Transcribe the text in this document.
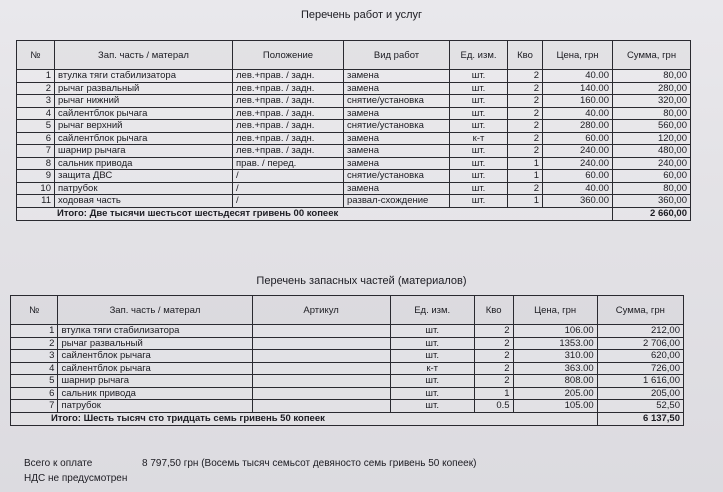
Перечень работ и услуг
№	Зап. часть / матерал	Положение	Вид работ	Ед. изм.	Кво	Цена, грн	Сумма, грн
1	втулка тяги стабилизатора	лев.+прав. / задн.	замена	шт.	2	40.00	80,00
2	рычаг развальный	лев.+прав. / задн.	замена	шт.	2	140.00	280,00
3	рычаг нижний	лев.+прав. / задн.	снятие/установка	шт.	2	160.00	320,00
4	сайлентблок рычага	лев.+прав. / задн.	замена	шт.	2	40.00	80,00
5	рычаг верхний	лев.+прав. / задн.	снятие/установка	шт.	2	280.00	560,00
6	сайлентблок рычага	лев.+прав. / задн.	замена	к-т	2	60.00	120,00
7	шарнир рычага	лев.+прав. / задн.	замена	шт.	2	240.00	480,00
8	сальник привода	прав. / перед.	замена	шт.	1	240.00	240,00
9	защита ДВС	/	снятие/установка	шт.	1	60.00	60,00
10	патрубок	/	замена	шт.	2	40.00	80,00
11	ходовая часть	/	развал-схождение	шт.	1	360.00	360,00
Итого: Две тысячи шестьсот шестьдесят гривень 00 копеек							2 660,00
Перечень запасных частей (материалов)
№	Зап. часть / матерал	Артикул	Ед. изм.	Кво	Цена, грн	Сумма, грн
1	втулка тяги стабилизатора		шт.	2	106.00	212,00
2	рычаг развальный		шт.	2	1353.00	2 706,00
3	сайлентблок рычага		шт.	2	310.00	620,00
4	сайлентблок рычага		к-т	2	363.00	726,00
5	шарнир рычага		шт.	2	808.00	1 616,00
6	сальник привода		шт.	1	205.00	205,00
7	патрубок		шт.	0.5	105.00	52,50
Итого: Шесть тысяч сто тридцать семь гривень 50 копеек						6 137,50
Всего к оплате	8 797,50 грн (Восемь тысяч семьсот девяносто семь гривень 50 копеек)
НДС не предусмотрен
